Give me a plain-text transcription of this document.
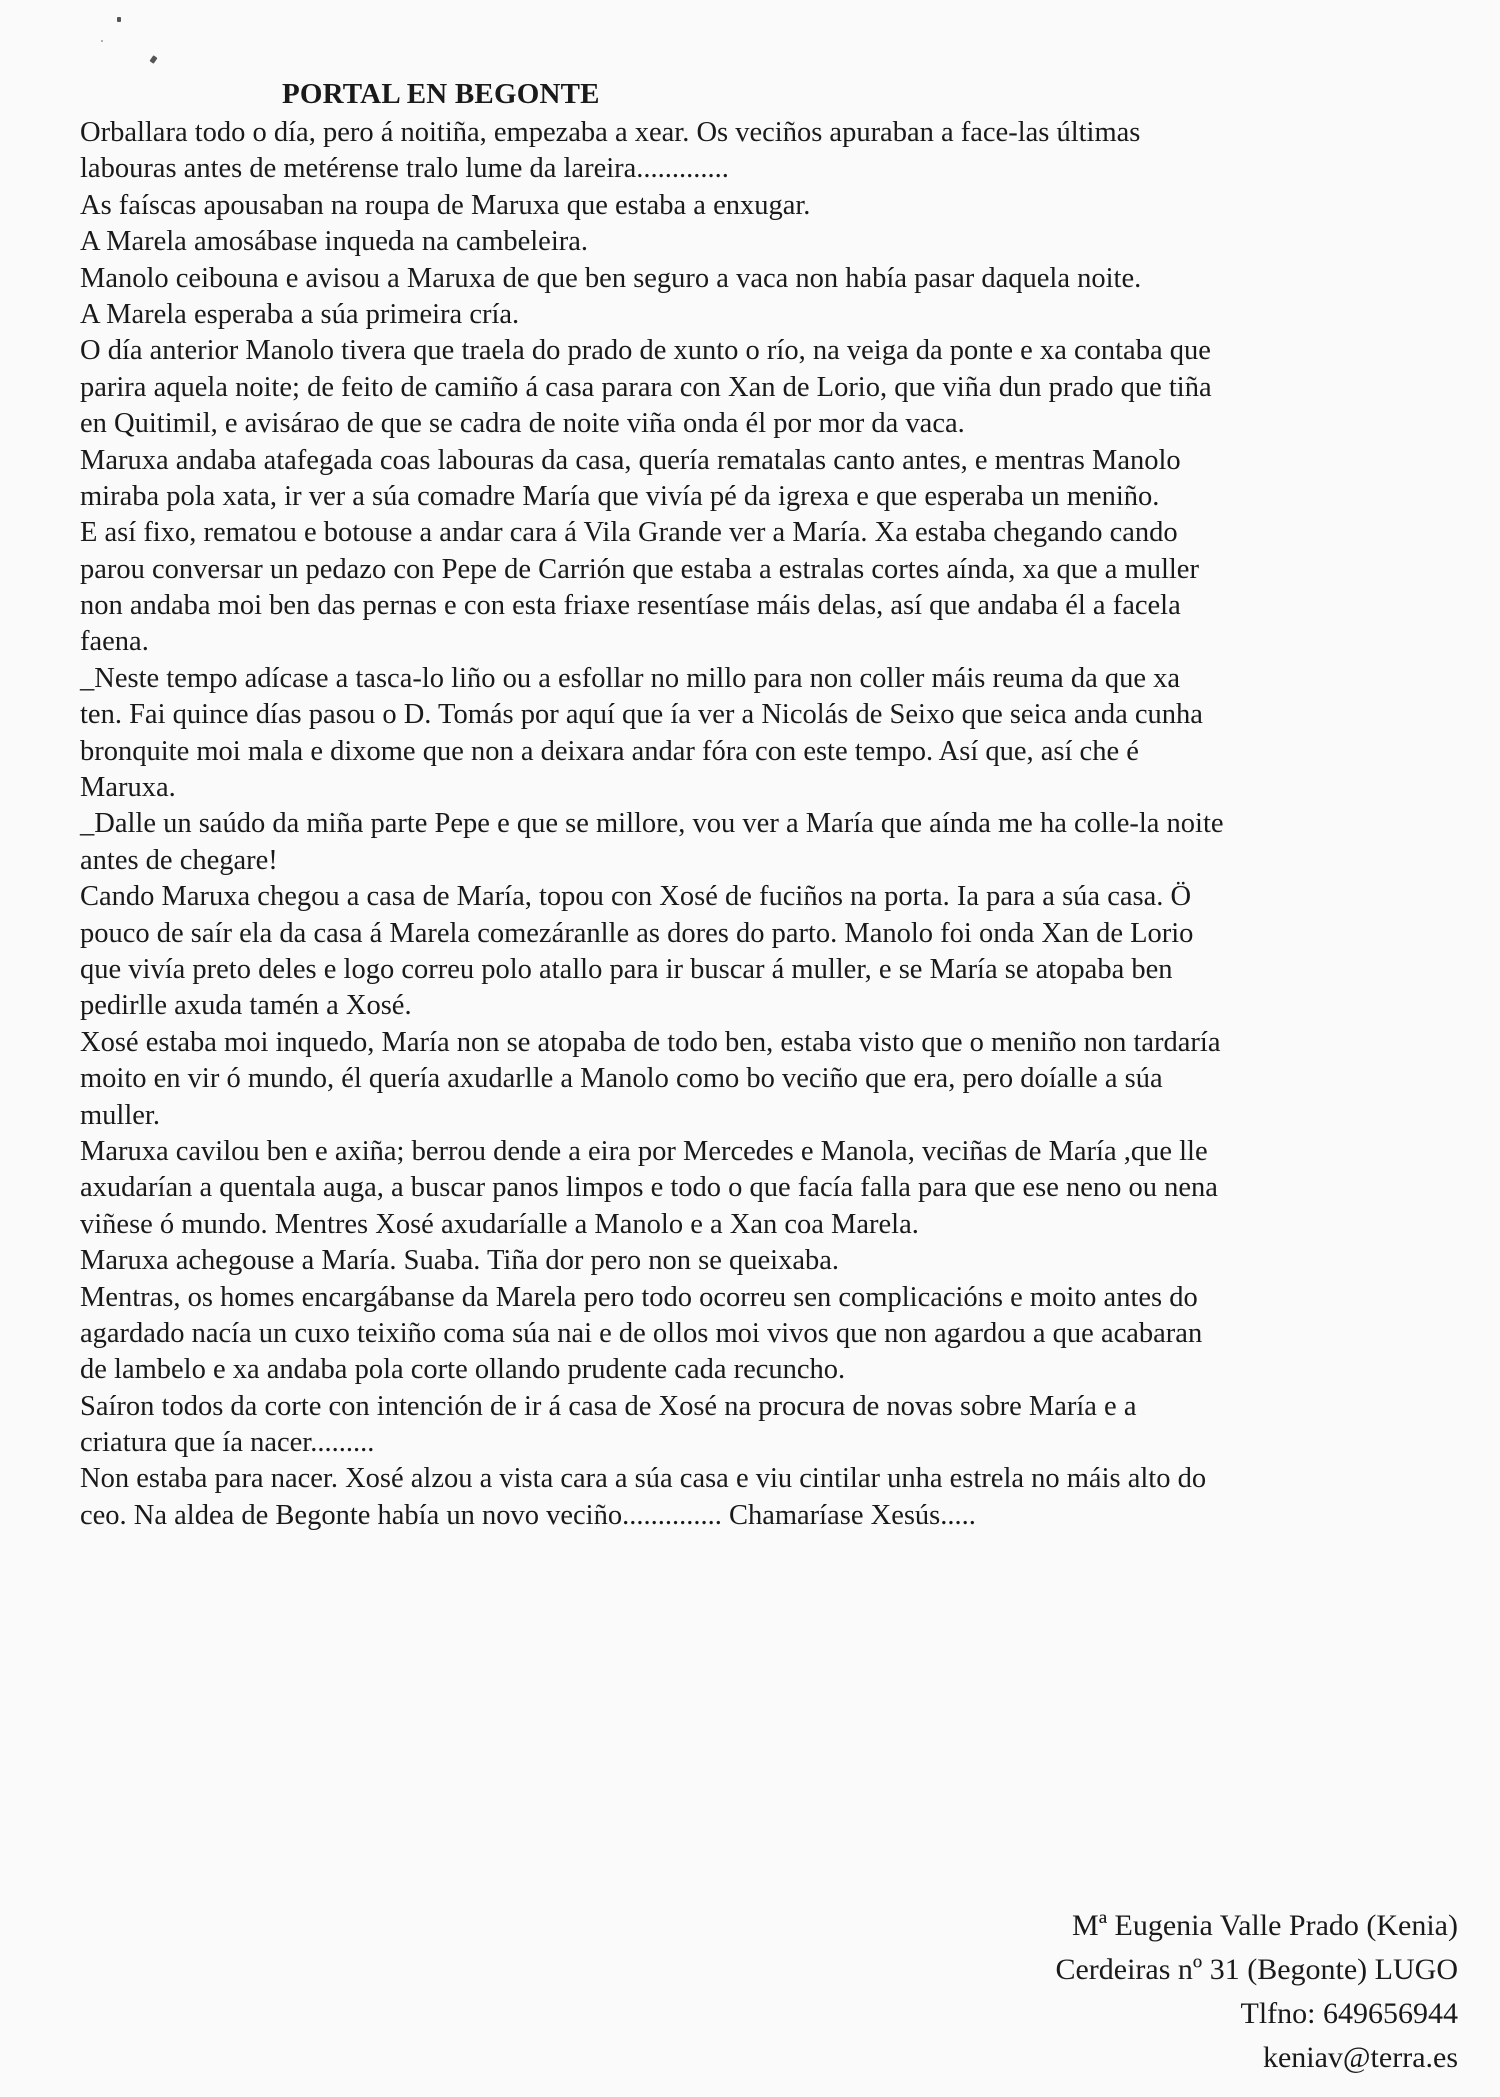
PORTAL EN BEGONTE
Orballara todo o día, pero á noitiña, empezaba a xear. Os veciños apuraban a face-las últimas
labouras antes de metérense tralo lume da lareira.............
As faíscas apousaban na roupa de Maruxa que estaba a enxugar.
A Marela amosábase inqueda na cambeleira.
Manolo ceibouna e avisou a Maruxa de que ben seguro a vaca non había pasar daquela noite.
A Marela esperaba a súa primeira cría.
O día anterior Manolo tivera que traela do prado de xunto o río, na veiga da ponte e xa contaba que
parira aquela noite; de feito de camiño á casa parara con Xan de Lorio, que viña dun prado que tiña
en Quitimil, e avisárao de que se cadra de noite viña onda él por mor da vaca.
Maruxa andaba atafegada coas labouras da casa, quería rematalas canto antes, e mentras Manolo
miraba pola xata, ir ver a súa comadre María que vivía pé da igrexa e que esperaba un meniño.
E así fixo, rematou e botouse a andar cara á Vila Grande ver a María. Xa estaba chegando cando
parou conversar un pedazo con Pepe de Carrión que estaba a estralas cortes aínda, xa que a muller
non andaba moi ben das pernas e con esta friaxe resentíase máis delas, así que andaba él a facela
faena.
_Neste tempo adícase a tasca-lo liño ou a esfollar no millo para non coller máis reuma da que xa
ten. Fai quince días pasou o D. Tomás por aquí que ía ver a Nicolás de Seixo que seica anda cunha
bronquite moi mala e dixome que non a deixara andar fóra con este tempo. Así que, así che é
Maruxa.
_Dalle un saúdo da miña parte Pepe e que se millore, vou ver a María que aínda me ha colle-la noite
antes de chegare!
Cando Maruxa chegou a casa de María, topou con Xosé de fuciños na porta. Ia para a súa casa. Ö
pouco de saír ela da casa á Marela comezáranlle as dores do parto. Manolo foi onda Xan de Lorio
que vivía preto deles e logo correu polo atallo para ir buscar á muller, e se María se atopaba ben
pedirlle axuda tamén a Xosé.
Xosé estaba moi inquedo, María non se atopaba de todo ben, estaba visto que o meniño non tardaría
moito en vir ó mundo, él quería axudarlle a Manolo como bo veciño que era, pero doíalle a súa
muller.
Maruxa cavilou ben e axiña; berrou dende a eira por Mercedes e Manola, veciñas de María ,que lle
axudarían a quentala auga, a buscar panos limpos e todo o que facía falla para que ese neno ou nena
viñese ó mundo. Mentres Xosé axudaríalle a Manolo e a Xan coa Marela.
Maruxa achegouse a María. Suaba. Tiña dor pero non se queixaba.
Mentras, os homes encargábanse da Marela pero todo ocorreu sen complicacións e moito antes do
agardado nacía un cuxo teixiño coma súa nai e de ollos moi vivos que non agardou a que acabaran
de lambelo e xa andaba pola corte ollando prudente cada recuncho.
Saíron todos da corte con intención de ir á casa de Xosé na procura de novas sobre María e a
criatura que ía nacer.........
Non estaba para nacer. Xosé alzou a vista cara a súa casa e viu cintilar unha estrela no máis alto do
ceo. Na aldea de Begonte había un novo veciño.............. Chamaríase Xesús.....
Mª Eugenia Valle Prado (Kenia)
Cerdeiras nº 31 (Begonte) LUGO
Tlfno: 649656944
keniav@terra.es
